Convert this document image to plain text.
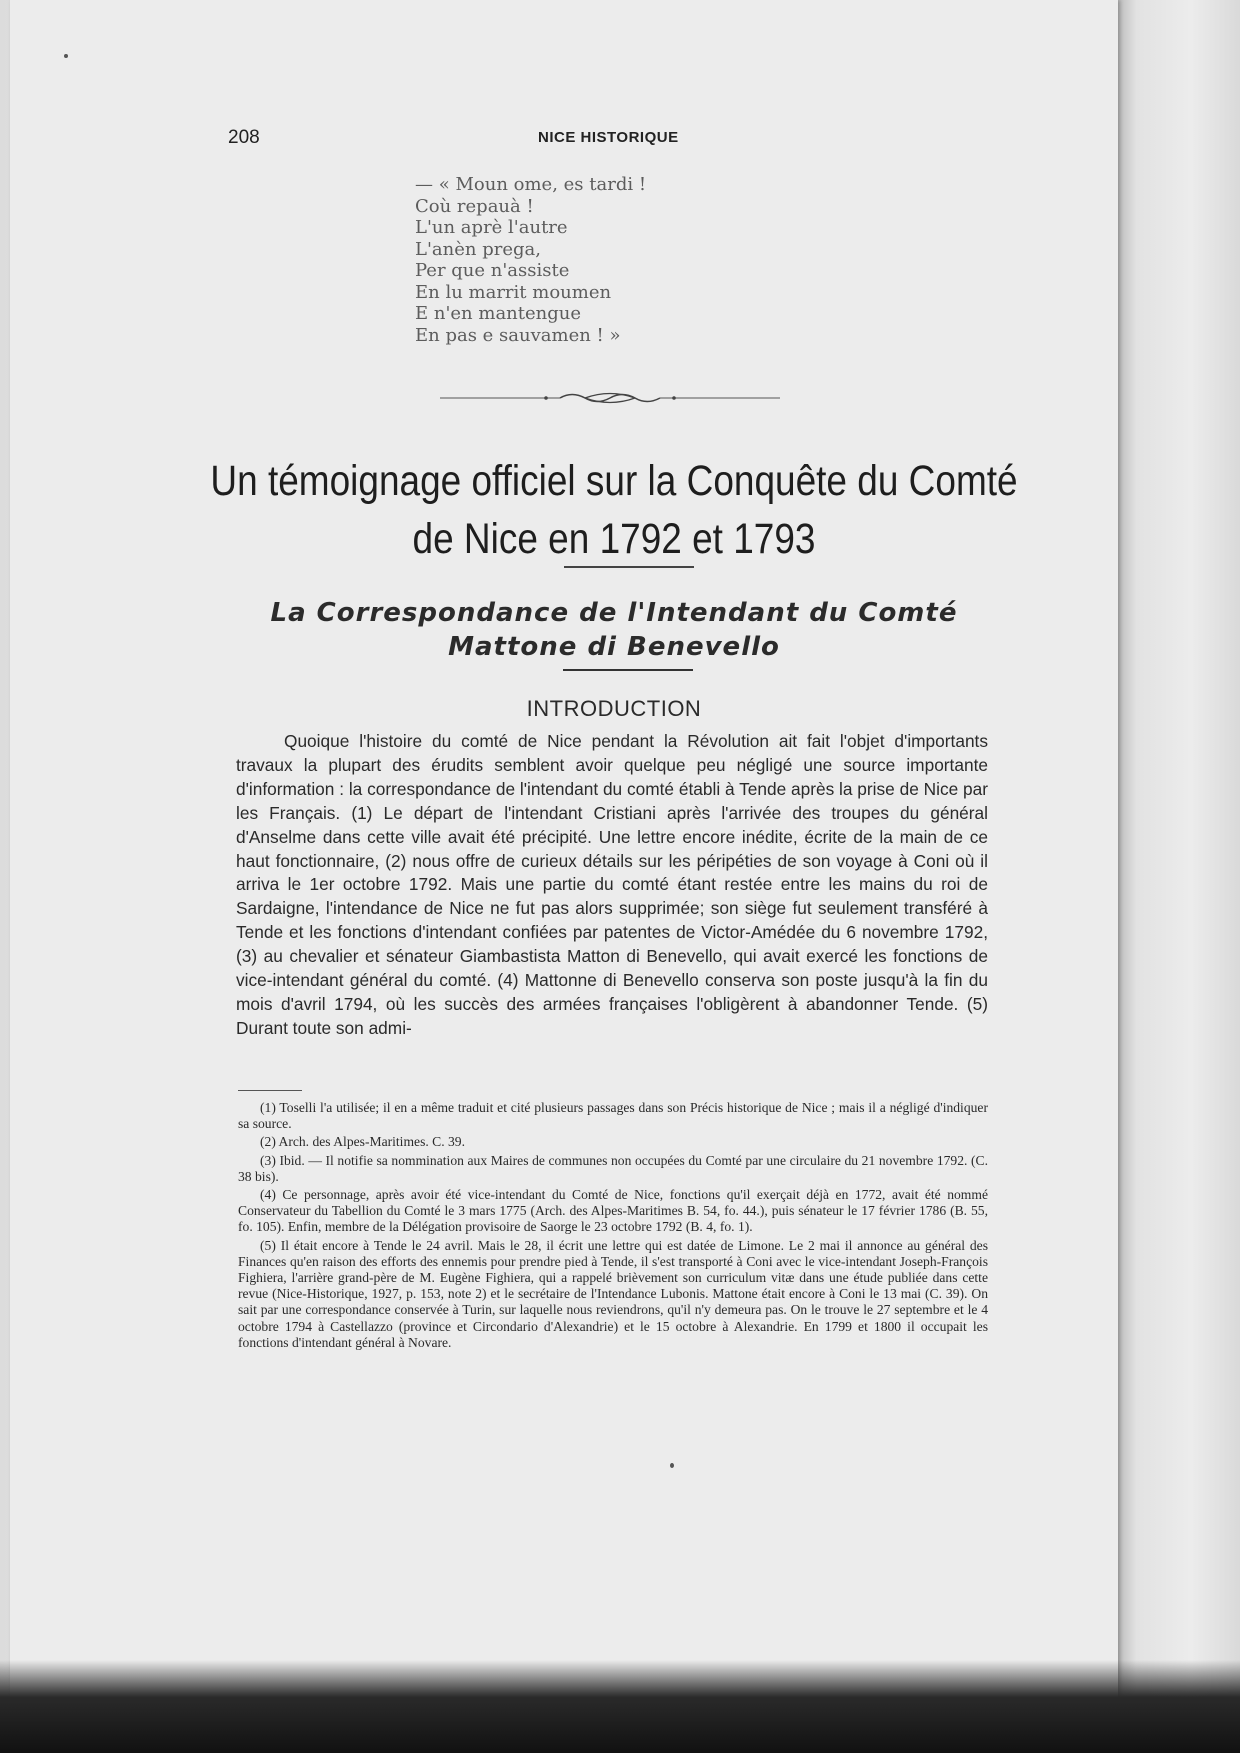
208	NICE HISTORIQUE
— « Moun ome, es tardi !
Coù repauà !
L'un aprè l'autre
L'anèn prega,
Per que n'assiste
En lu marrit moumen
E n'en mantengue
En pas e sauvamen ! »
Un témoignage officiel sur la Conquête du Comté
de Nice en 1792 et 1793
La Correspondance de l'Intendant du Comté
Mattone di Benevello
INTRODUCTION

Quoique l'histoire du comté de Nice pendant la Révolution ait fait l'objet d'importants travaux la plupart des érudits semblent avoir quelque peu négligé une source importante d'information : la correspondance de l'intendant du comté établi à Tende après la prise de Nice par les Français. (1) Le départ de l'intendant Cristiani après l'arrivée des troupes du général d'Anselme dans cette ville avait été précipité. Une lettre encore inédite, écrite de la main de ce haut fonctionnaire, (2) nous offre de curieux détails sur les péripéties de son voyage à Coni où il arriva le 1er octobre 1792. Mais une partie du comté étant restée entre les mains du roi de Sardaigne, l'intendance de Nice ne fut pas alors supprimée; son siège fut seulement transféré à Tende et les fonctions d'intendant confiées par patentes de Victor-Amédée du 6 novembre 1792, (3) au chevalier et sénateur Giambastista Matton di Benevello, qui avait exercé les fonctions de vice-intendant général du comté. (4) Mattonne di Benevello conserva son poste jusqu'à la fin du mois d'avril 1794, où les succès des armées françaises l'obligèrent à abandonner Tende. (5) Durant toute son admi-

(1) Toselli l'a utilisée; il en a même traduit et cité plusieurs passages dans son Précis historique de Nice ; mais il a négligé d'indiquer sa source.
(2) Arch. des Alpes-Maritimes. C. 39.
(3) Ibid. — Il notifie sa nommination aux Maires de communes non occupées du Comté par une circulaire du 21 novembre 1792. (C. 38 bis).
(4) Ce personnage, après avoir été vice-intendant du Comté de Nice, fonctions qu'il exerçait déjà en 1772, avait été nommé Conservateur du Tabellion du Comté le 3 mars 1775 (Arch. des Alpes-Maritimes B. 54, fo. 44.), puis sénateur le 17 février 1786 (B. 55, fo. 105). Enfin, membre de la Délégation provisoire de Saorge le 23 octobre 1792 (B. 4, fo. 1).
(5) Il était encore à Tende le 24 avril. Mais le 28, il écrit une lettre qui est datée de Limone. Le 2 mai il annonce au général des Finances qu'en raison des efforts des ennemis pour prendre pied à Tende, il s'est transporté à Coni avec le vice-intendant Joseph-François Fighiera, l'arrière grand-père de M. Eugène Fighiera, qui a rappelé brièvement son curriculum vitæ dans une étude publiée dans cette revue (Nice-Historique, 1927, p. 153, note 2) et le secrétaire de l'Intendance Lubonis. Mattone était encore à Coni le 13 mai (C. 39). On sait par une correspondance conservée à Turin, sur laquelle nous reviendrons, qu'il n'y demeura pas. On le trouve le 27 septembre et le 4 octobre 1794 à Castellazzo (province et Circondario d'Alexandrie) et le 15 octobre à Alexandrie. En 1799 et 1800 il occupait les fonctions d'intendant général à Novare.
